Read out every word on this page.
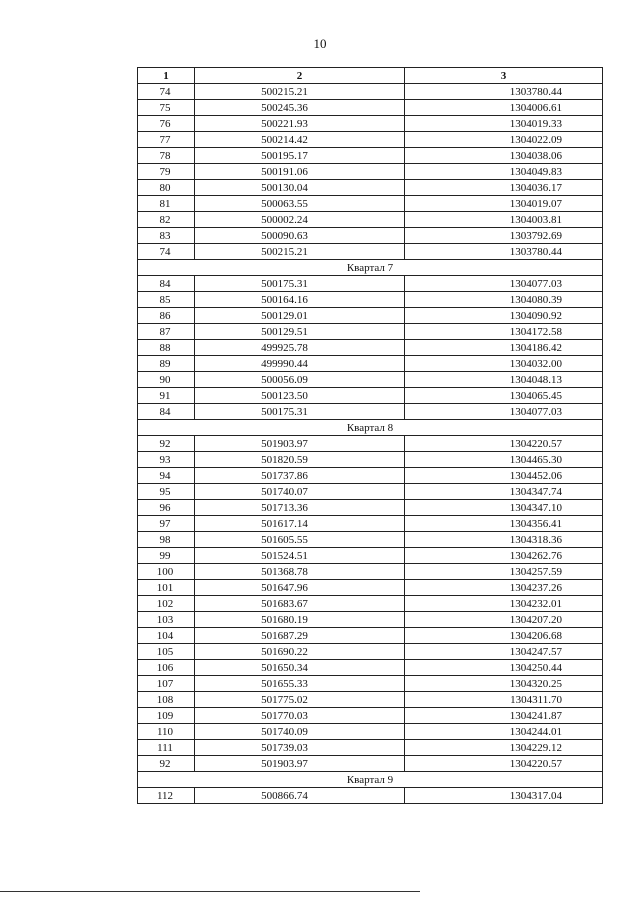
10
1	2	3
74	500215.21	1303780.44
75	500245.36	1304006.61
76	500221.93	1304019.33
77	500214.42	1304022.09
78	500195.17	1304038.06
79	500191.06	1304049.83
80	500130.04	1304036.17
81	500063.55	1304019.07
82	500002.24	1304003.81
83	500090.63	1303792.69
74	500215.21	1303780.44
Квартал 7		
84	500175.31	1304077.03
85	500164.16	1304080.39
86	500129.01	1304090.92
87	500129.51	1304172.58
88	499925.78	1304186.42
89	499990.44	1304032.00
90	500056.09	1304048.13
91	500123.50	1304065.45
84	500175.31	1304077.03
Квартал 8		
92	501903.97	1304220.57
93	501820.59	1304465.30
94	501737.86	1304452.06
95	501740.07	1304347.74
96	501713.36	1304347.10
97	501617.14	1304356.41
98	501605.55	1304318.36
99	501524.51	1304262.76
100	501368.78	1304257.59
101	501647.96	1304237.26
102	501683.67	1304232.01
103	501680.19	1304207.20
104	501687.29	1304206.68
105	501690.22	1304247.57
106	501650.34	1304250.44
107	501655.33	1304320.25
108	501775.02	1304311.70
109	501770.03	1304241.87
110	501740.09	1304244.01
111	501739.03	1304229.12
92	501903.97	1304220.57
Квартал 9		
112	500866.74	1304317.04
